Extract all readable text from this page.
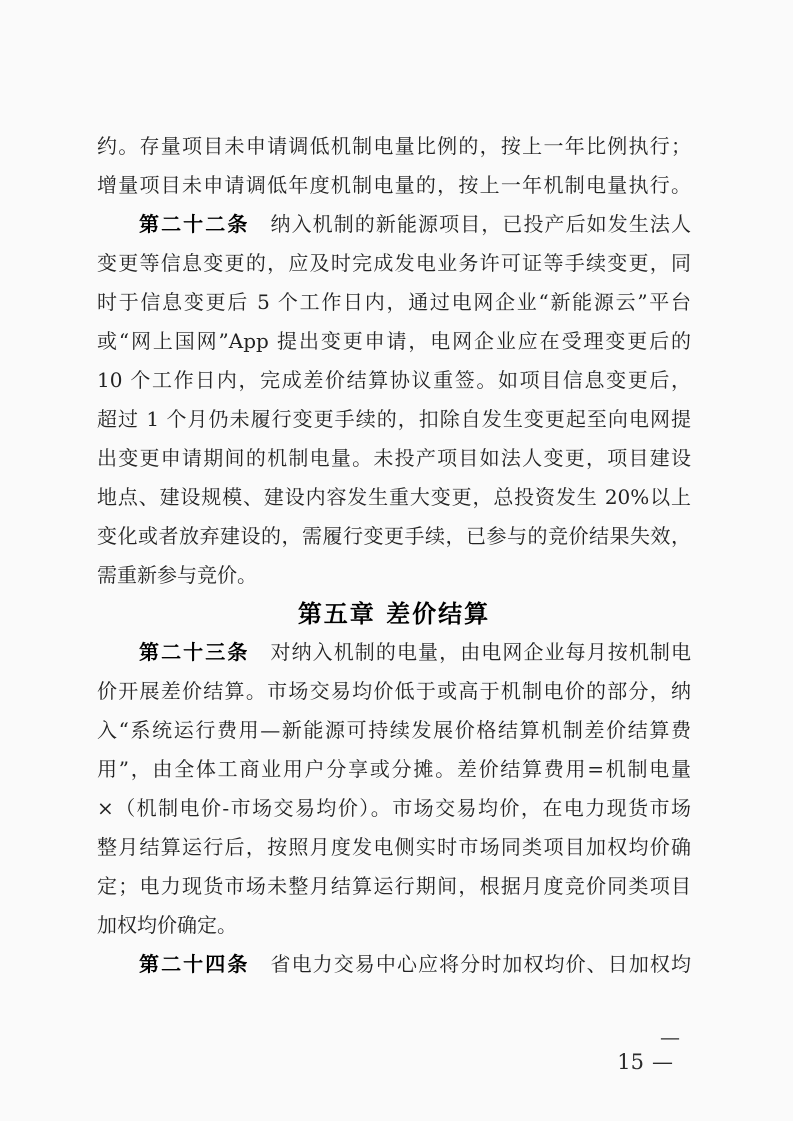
约。存量项目未申请调低机制电量比例的，按上一年比例执行；
增量项目未申请调低年度机制电量的，按上一年机制电量执行。
第二十二条　纳入机制的新能源项目，已投产后如发生法人
变更等信息变更的，应及时完成发电业务许可证等手续变更，同
时于信息变更后 5 个工作日内，通过电网企业“新能源云”平台
或“网上国网”App 提出变更申请，电网企业应在受理变更后的
10 个工作日内，完成差价结算协议重签。如项目信息变更后，
超过 1 个月仍未履行变更手续的，扣除自发生变更起至向电网提
出变更申请期间的机制电量。未投产项目如法人变更，项目建设
地点、建设规模、建设内容发生重大变更，总投资发生 20%以上
变化或者放弃建设的，需履行变更手续，已参与的竞价结果失效，
需重新参与竞价。
第五章 差价结算
第二十三条　对纳入机制的电量，由电网企业每月按机制电
价开展差价结算。市场交易均价低于或高于机制电价的部分，纳
入“系统运行费用—新能源可持续发展价格结算机制差价结算费
用”，由全体工商业用户分享或分摊。差价结算费用=机制电量
×（机制电价-市场交易均价）。市场交易均价，在电力现货市场
整月结算运行后，按照月度发电侧实时市场同类项目加权均价确
定；电力现货市场未整月结算运行期间，根据月度竞价同类项目
加权均价确定。
第二十四条　省电力交易中心应将分时加权均价、日加权均
—
15 —
